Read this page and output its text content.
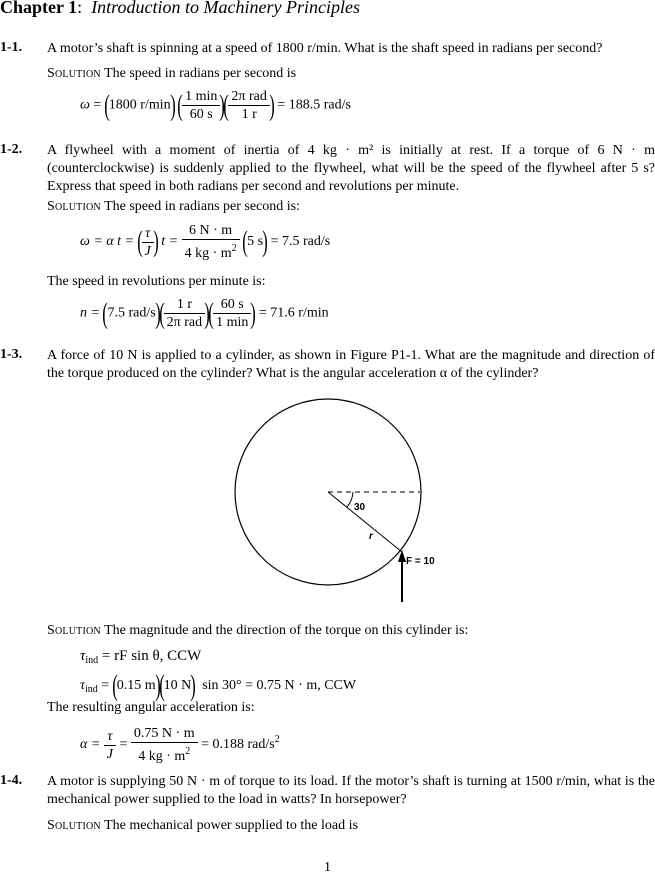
Chapter 1: Introduction to Machinery Principles
1-1. A motor’s shaft is spinning at a speed of 1800 r/min. What is the shaft speed in radians per second?
Solution The speed in radians per second is
ω = (1800 r/min) ( $\frac{1 \min}{60 s}$ )( $\frac{\text{2π rad}}{1 r}$ ) = 188.5 rad/s
1-2. A flywheel with a moment of inertia of 4 kg · m² is initially at rest. If a torque of 6 N · m (counterclockwise) is suddenly applied to the flywheel, what will be the speed of the flywheel after 5 s? Express that speed in both radians per second and revolutions per minute.
Solution The speed in radians per second is:
ω = α t = ( $\frac{\tau}{J}$ ) $t = \frac{6 N \cdot m}{4 kg \cdot m^2} (5$ s) = 7.5 rad/s
The speed in revolutions per minute is:
n = (7.5 $rad/s)( \frac{1 r}{\text{2π rad}}$ )( $\frac{60 s}{1 \min}$ ) = 71.6 r/min
1-3. A force of 10 N is applied to a cylinder, as shown in Figure P1-1. What are the magnitude and direction of the torque produced on the cylinder? What is the angular acceleration α of the cylinder?
30
r
F = 10
Solution The magnitude and the direction of the torque on this cylinder is:
$\tau_{ind}$ = rF sin θ, CCW
$\tau_{ind} = (0.15$ m)(10 N) sin 30° = 0.75 N · m, CCW
The resulting angular acceleration is:
$\alpha = \frac{\tau}{J} = \frac{0.75 N \cdot m}{4 kg \cdot m^2} = 0.188$ rad/$s^2$
1-4. A motor is supplying 50 N · m of torque to its load. If the motor’s shaft is turning at 1500 r/min, what is the mechanical power supplied to the load in watts? In horsepower?
Solution The mechanical power supplied to the load is
1
